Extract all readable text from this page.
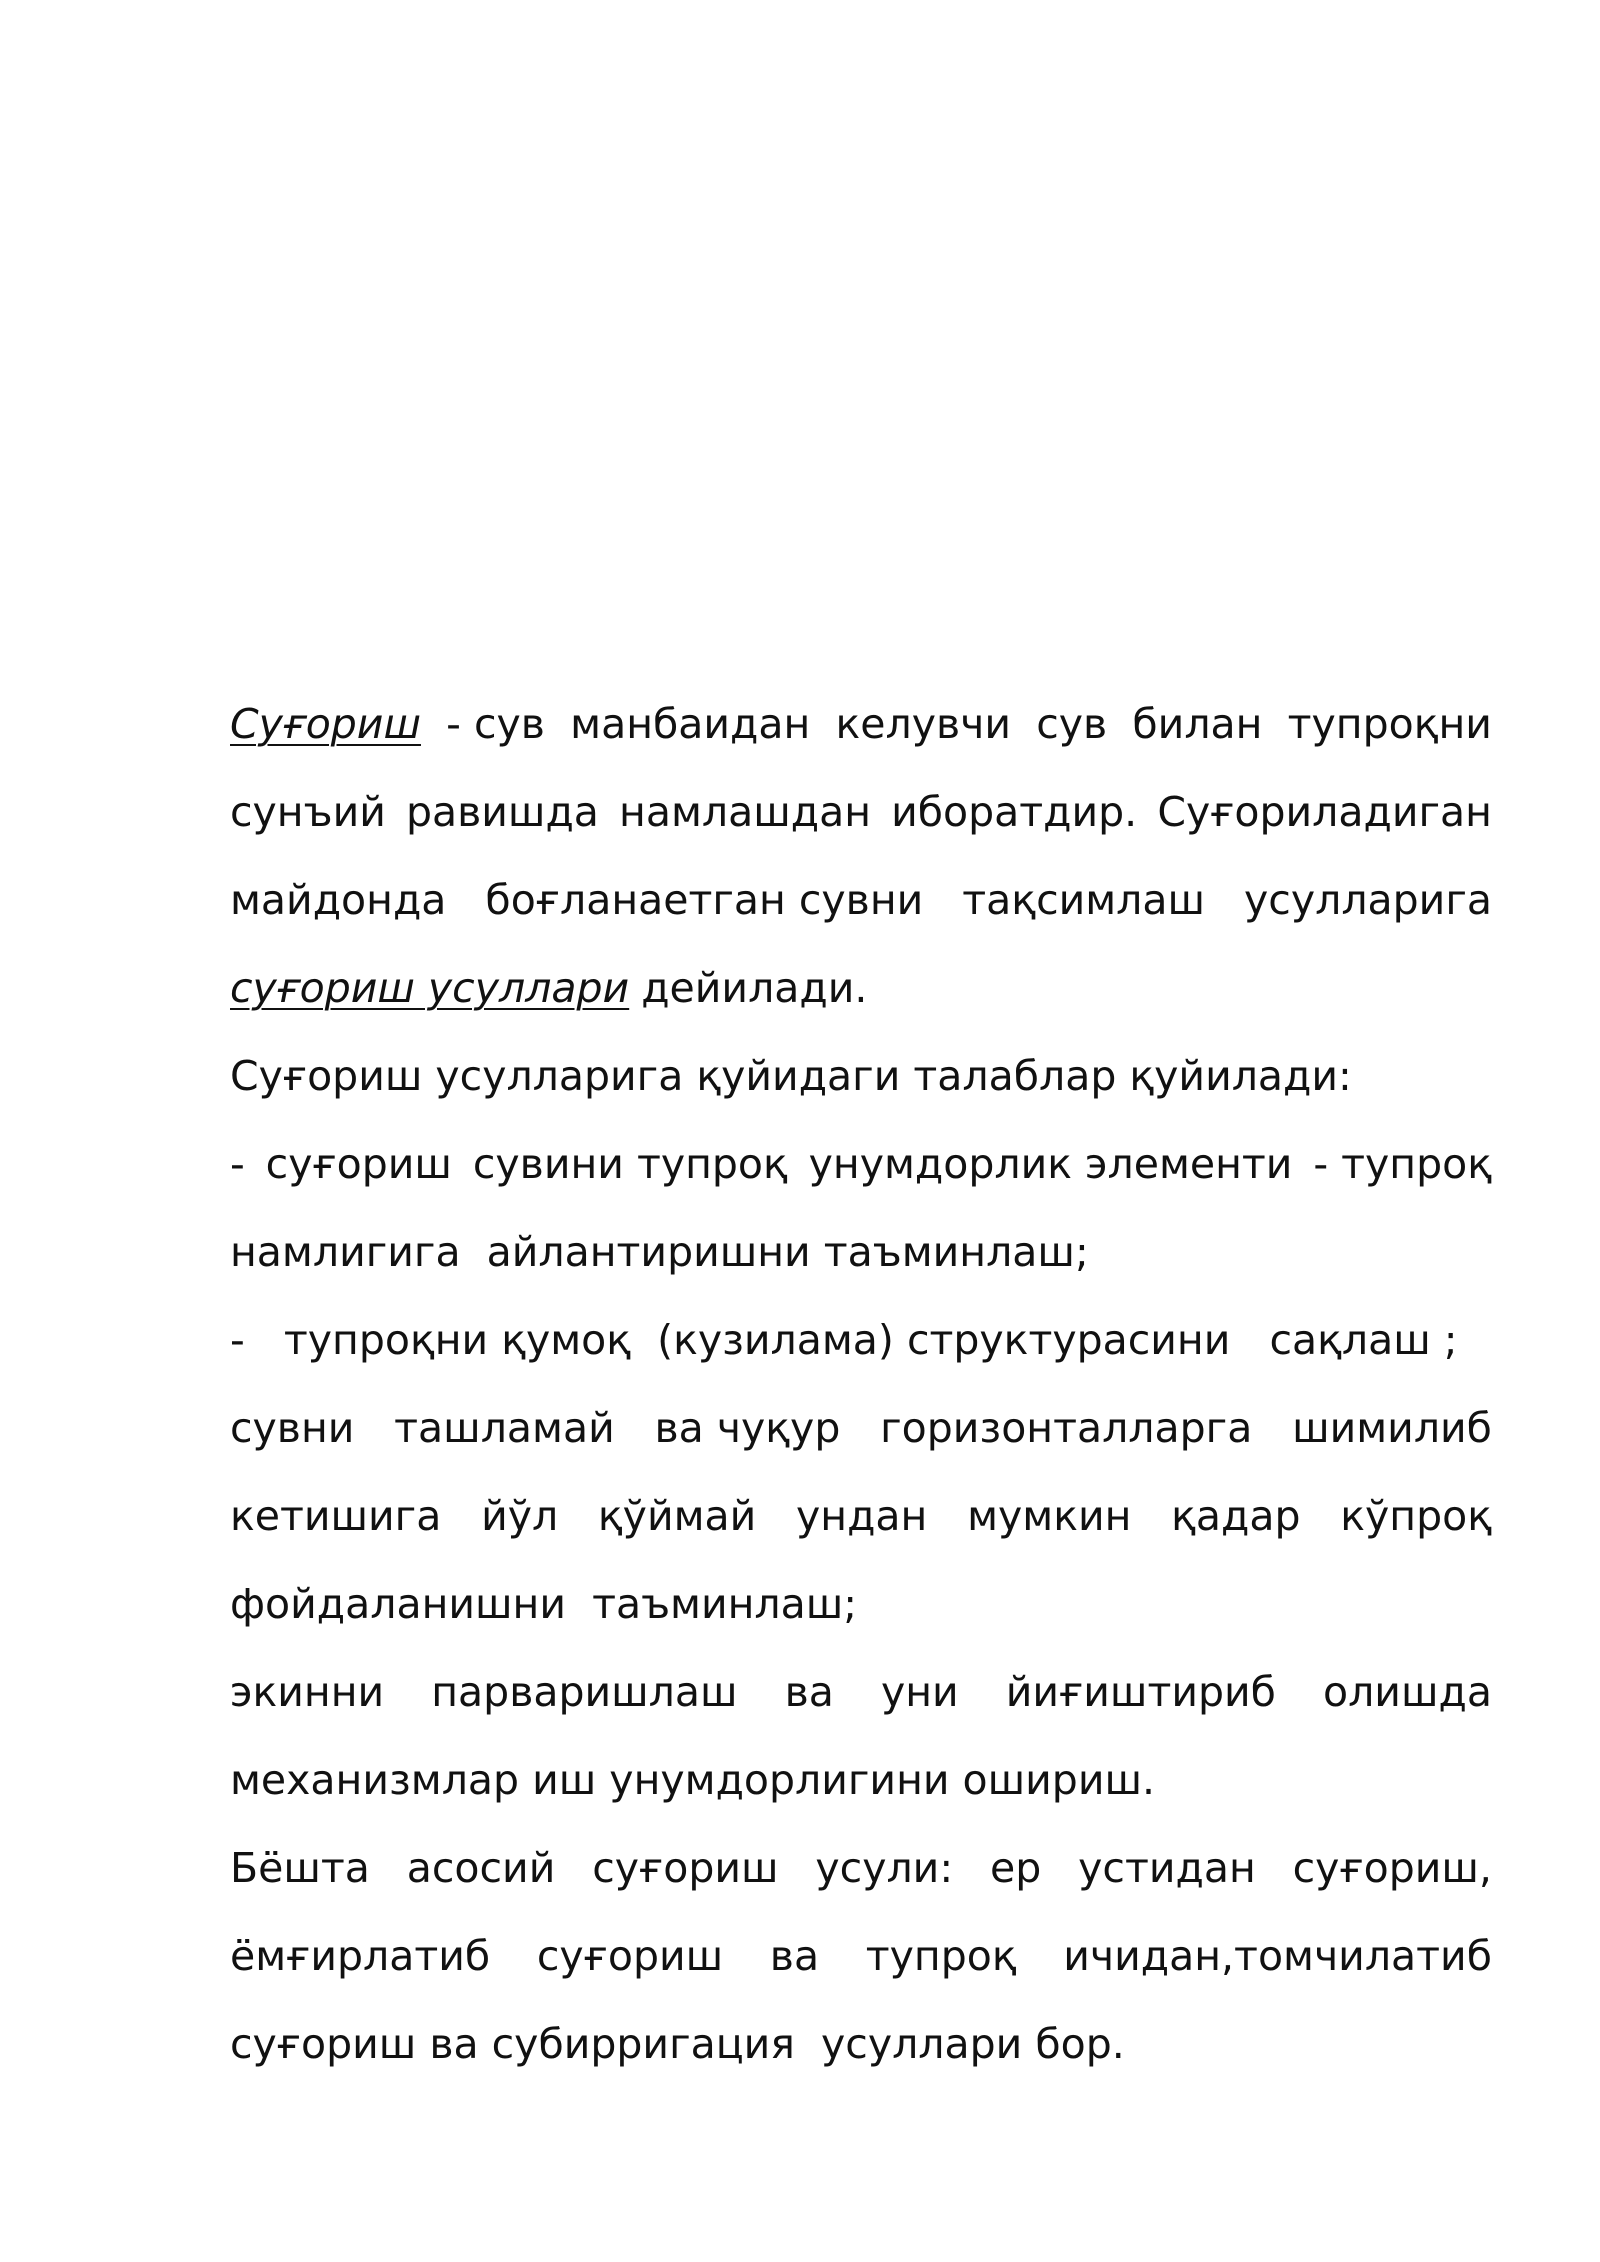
Суғориш - сув манбаидан келувчи сув билан тупроқни
сунъий равишда намлашдан иборатдир. Суғориладиган
майдонда боғланаетган сувни тақсимлаш усулларига
суғориш усуллари дейилади.
Суғориш усулларига қуйидаги талаблар қуйилади:
- суғориш сувини тупроқ унумдорлик элементи - тупроқ
намлигига  айлантиришни таъминлаш;
-   тупроқни қумоқ  (кузилама) структурасини   сақлаш ;
сувни ташламай ва чуқур горизонталларга шимилиб
кетишига йўл қўймай ундан мумкин қадар кўпроқ
фойдаланишни  таъминлаш;
экинни парваришлаш ва уни йиғиштириб олишда
механизмлар иш унумдорлигини ошириш.
Бёшта асосий суғориш усули: ер устидан суғориш,
ёмғирлатиб суғориш ва тупроқ ичидан,томчилатиб
суғориш ва субирригация  усуллари бор.
